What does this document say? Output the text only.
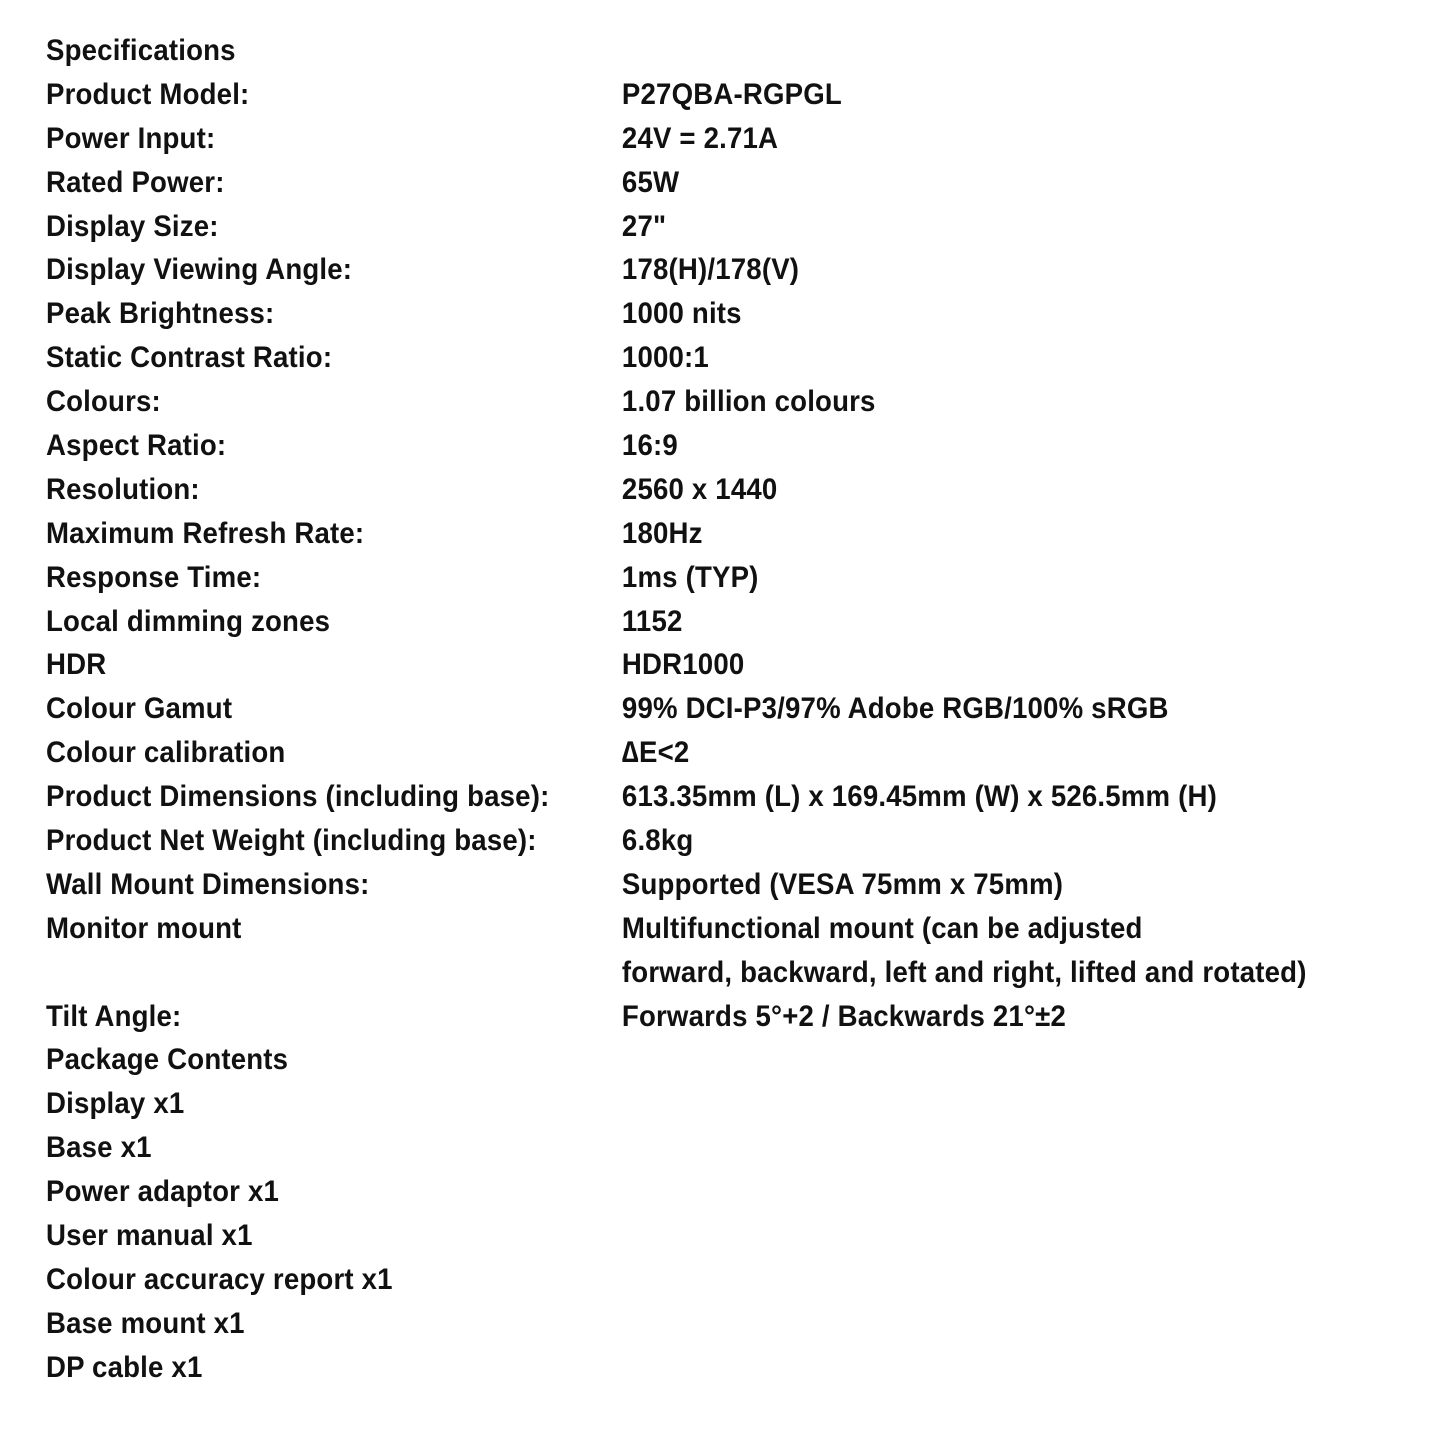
Specifications
Product Model:	P27QBA-RGPGL
Power Input:	24V = 2.71A
Rated Power:	65W
Display Size:	27"
Display Viewing Angle:	178(H)/178(V)
Peak Brightness:	1000 nits
Static Contrast Ratio:	1000:1
Colours:	1.07 billion colours
Aspect Ratio:	16:9
Resolution:	2560 x 1440
Maximum Refresh Rate:	180Hz
Response Time:	1ms (TYP)
Local dimming zones	1152
HDR	HDR1000
Colour Gamut	99% DCI-P3/97% Adobe RGB/100% sRGB
Colour calibration	∆E<2
Product Dimensions (including base):	613.35mm (L) x 169.45mm (W) x 526.5mm (H)
Product Net Weight (including base):	6.8kg
Wall Mount Dimensions:	Supported (VESA 75mm x 75mm)
Monitor mount	Multifunctional mount (can be adjusted
forward, backward, left and right, lifted and rotated)
Tilt Angle:	Forwards 5°+2 / Backwards 21°±2
Package Contents
Display x1
Base x1
Power adaptor x1
User manual x1
Colour accuracy report x1
Base mount x1
DP cable x1
